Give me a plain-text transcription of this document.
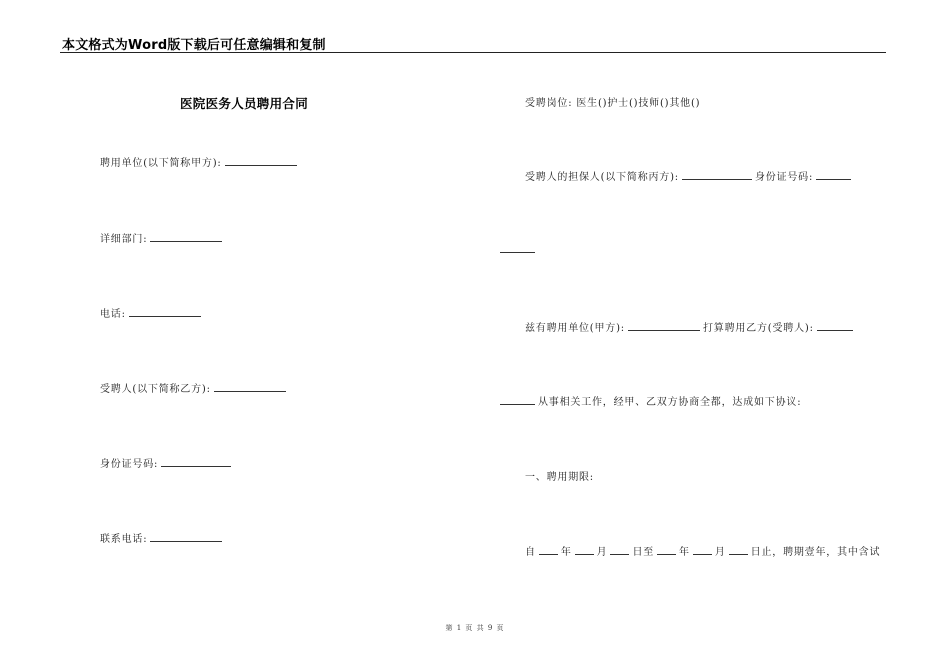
本文格式为Word版下载后可任意编辑和复制
医院医务人员聘用合同
聘用单位(以下简称甲方):
详细部门:
电话:
受聘人(以下简称乙方):
身份证号码:
联系电话:
受聘岗位: 医生()护士()技师()其他()
受聘人的担保人(以下简称丙方):	身份证号码:
兹有聘用单位(甲方):	打算聘用乙方(受聘人):
从事相关工作，经甲、乙双方协商全都，达成如下协议:
一、聘用期限:
自	年	月	日至	年	月	日止，聘期壹年，其中含试
第 1 页 共 9 页
